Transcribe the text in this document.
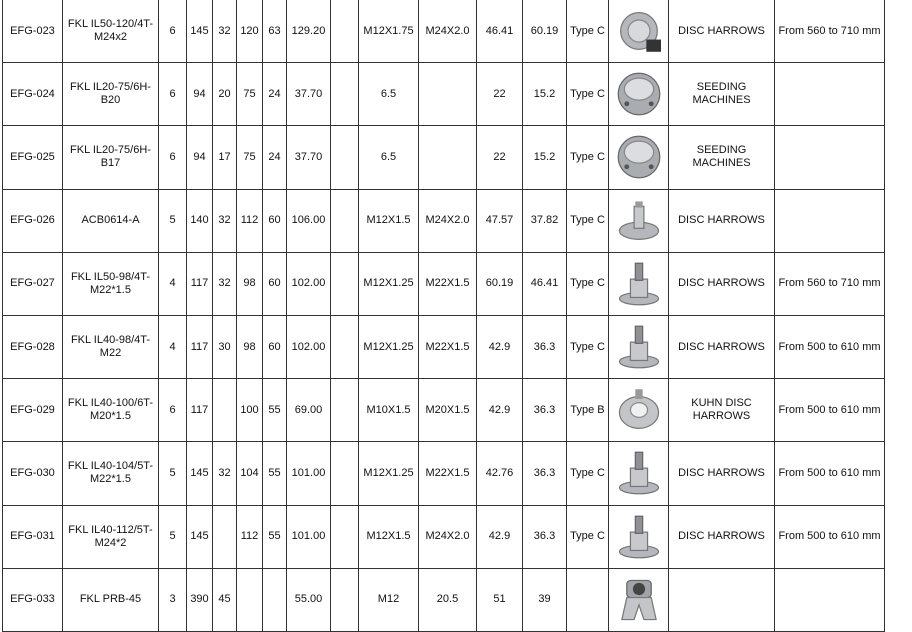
EFG-023	FKL IL50-120/4T-M24x2	6	145	32	120	63	129.20		M12X1.75	M24X2.0	46.41	60.19	Type C		DISC HARROWS	From 560 to 710 mm
EFG-024	FKL IL20-75/6H-B20	6	94	20	75	24	37.70		6.5		22	15.2	Type C		SEEDING MACHINES	
EFG-025	FKL IL20-75/6H-B17	6	94	17	75	24	37.70		6.5		22	15.2	Type C		SEEDING MACHINES	
EFG-026	ACB0614-A	5	140	32	112	60	106.00		M12X1.5	M24X2.0	47.57	37.82	Type C		DISC HARROWS	
EFG-027	FKL IL50-98/4T-M22*1.5	4	117	32	98	60	102.00		M12X1.25	M22X1.5	60.19	46.41	Type C		DISC HARROWS	From 560 to 710 mm
EFG-028	FKL IL40-98/4T-M22	4	117	30	98	60	102.00		M12X1.25	M22X1.5	42.9	36.3	Type C		DISC HARROWS	From 500 to 610 mm
EFG-029	FKL IL40-100/6T-M20*1.5	6	117		100	55	69.00		M10X1.5	M20X1.5	42.9	36.3	Type B		KUHN DISC HARROWS	From 500 to 610 mm
EFG-030	FKL IL40-104/5T-M22*1.5	5	145	32	104	55	101.00		M12X1.25	M22X1.5	42.76	36.3	Type C		DISC HARROWS	From 500 to 610 mm
EFG-031	FKL IL40-112/5T-M24*2	5	145		112	55	101.00		M12X1.5	M24X2.0	42.9	36.3	Type C		DISC HARROWS	From 500 to 610 mm
EFG-033	FKL PRB-45	3	390	45			55.00		M12	20.5	51	39		
